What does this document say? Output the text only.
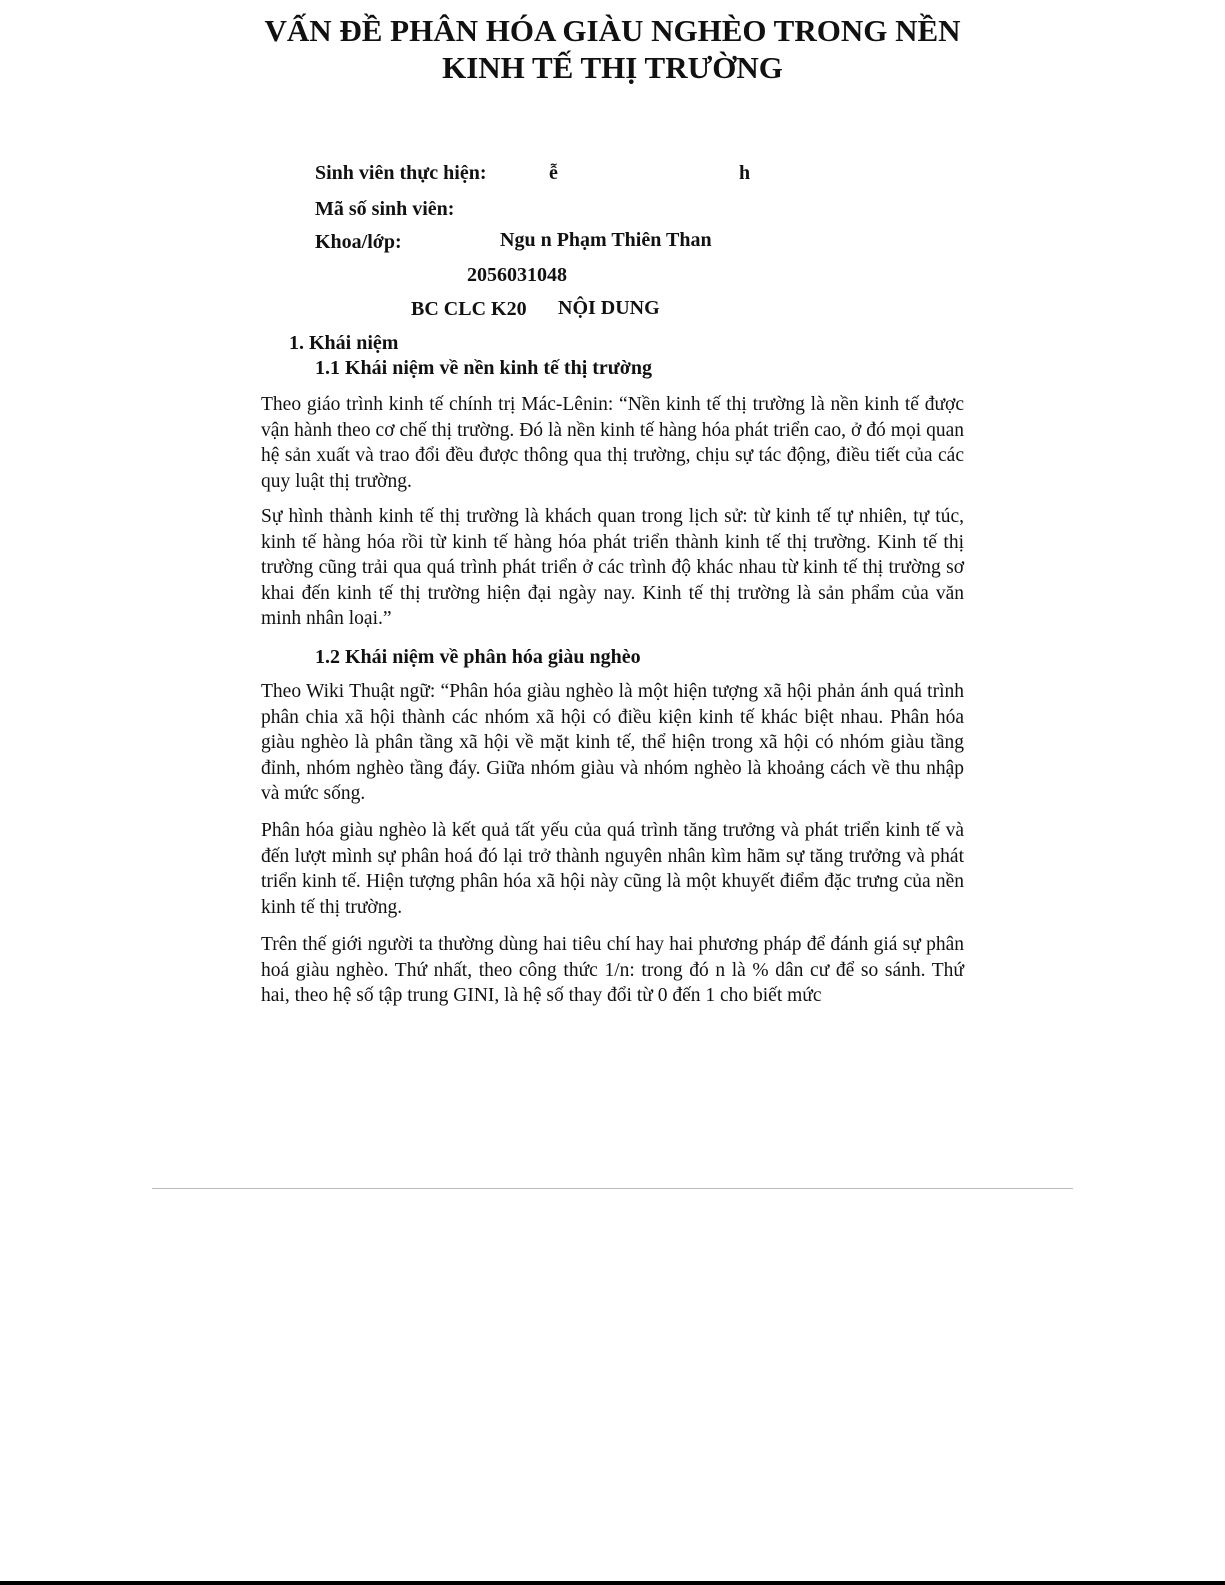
VẤN ĐỀ PHÂN HÓA GIÀU NGHÈO TRONG NỀN
KINH TẾ THỊ TRƯỜNG
Sinh viên thực hiện:	ễ	h
Mã số sinh viên:
Khoa/lớp:	Ngu n Phạm Thiên Than
2056031048
BC CLC K20 NỘI DUNG
1. Khái niệm
1.1 Khái niệm về nền kinh tế thị trường

Theo giáo trình kinh tế chính trị Mác-Lênin: “Nền kinh tế thị trường là nền kinh tế được vận hành theo cơ chế thị trường. Đó là nền kinh tế hàng hóa phát triển cao, ở đó mọi quan hệ sản xuất và trao đổi đều được thông qua thị trường, chịu sự tác động, điều tiết của các quy luật thị trường.

Sự hình thành kinh tế thị trường là khách quan trong lịch sử: từ kinh tế tự nhiên, tự túc, kinh tế hàng hóa rồi từ kinh tế hàng hóa phát triển thành kinh tế thị trường. Kinh tế thị trường cũng trải qua quá trình phát triển ở các trình độ khác nhau từ kinh tế thị trường sơ khai đến kinh tế thị trường hiện đại ngày nay. Kinh tế thị trường là sản phẩm của văn minh nhân loại.”

1.2 Khái niệm về phân hóa giàu nghèo

Theo Wiki Thuật ngữ: “Phân hóa giàu nghèo là một hiện tượng xã hội phản ánh quá trình phân chia xã hội thành các nhóm xã hội có điều kiện kinh tế khác biệt nhau. Phân hóa giàu nghèo là phân tầng xã hội về mặt kinh tế, thể hiện trong xã hội có nhóm giàu tầng đỉnh, nhóm nghèo tầng đáy. Giữa nhóm giàu và nhóm nghèo là khoảng cách về thu nhập và mức sống.

Phân hóa giàu nghèo là kết quả tất yếu của quá trình tăng trưởng và phát triển kinh tế và đến lượt mình sự phân hoá đó lại trở thành nguyên nhân kìm hãm sự tăng trưởng và phát triển kinh tế. Hiện tượng phân hóa xã hội này cũng là một khuyết điểm đặc trưng của nền kinh tế thị trường.

Trên thế giới người ta thường dùng hai tiêu chí hay hai phương pháp để đánh giá sự phân hoá giàu nghèo. Thứ nhất, theo công thức 1/n: trong đó n là % dân cư để so sánh. Thứ hai, theo hệ số tập trung GINI, là hệ số thay đổi từ 0 đến 1 cho biết mức
